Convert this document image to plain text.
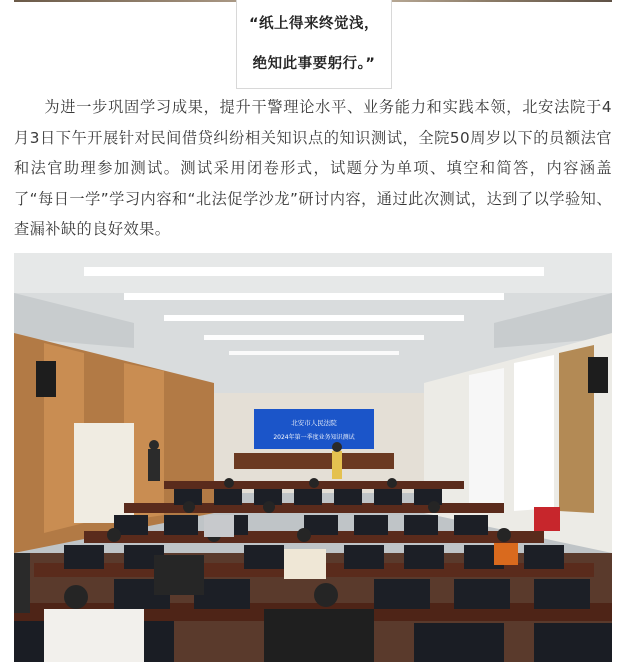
“纸上得来终觉浅，
绝知此事要躬行。”

为进一步巩固学习成果，提升干警理论水平、业务能力和实践本领，北安法院于4月3日下午开展针对民间借贷纠纷相关知识点的知识测试，全院50周岁以下的员额法官和法官助理参加测试。测试采用闭卷形式，试题分为单项、填空和简答，内容涵盖了“每日一学”学习内容和“北法促学沙龙”研讨内容，通过此次测试，达到了以学验知、查漏补缺的良好效果。

北安市人民法院
2024年第一季度业务知识测试
